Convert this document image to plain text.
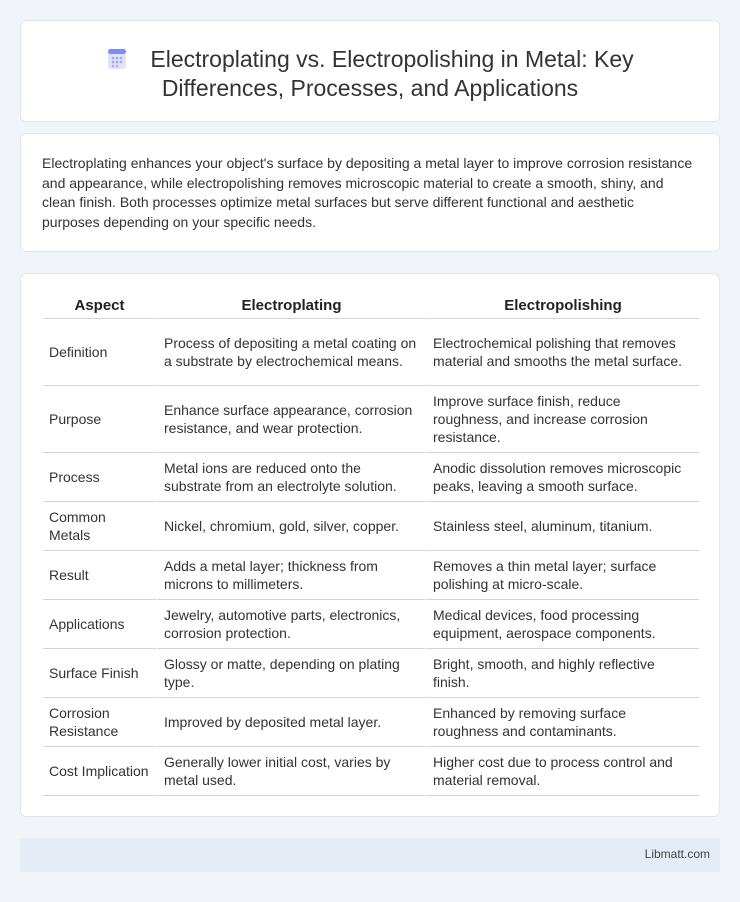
Electroplating vs. Electropolishing in Metal: Key
Differences, Processes, and Applications

Electroplating enhances your object's surface by depositing a metal layer to improve corrosion resistance and appearance, while electropolishing removes microscopic material to create a smooth, shiny, and clean finish. Both processes optimize metal surfaces but serve different functional and aesthetic purposes depending on your specific needs.

Aspect	Electroplating	Electropolishing
Definition	Process of depositing a metal coating on a substrate by electrochemical means.	Electrochemical polishing that removes material and smooths the metal surface.
Purpose	Enhance surface appearance, corrosion resistance, and wear protection.	Improve surface finish, reduce roughness, and increase corrosion resistance.
Process	Metal ions are reduced onto the substrate from an electrolyte solution.	Anodic dissolution removes microscopic peaks, leaving a smooth surface.
Common Metals	Nickel, chromium, gold, silver, copper.	Stainless steel, aluminum, titanium.
Result	Adds a metal layer; thickness from microns to millimeters.	Removes a thin metal layer; surface polishing at micro-scale.
Applications	Jewelry, automotive parts, electronics, corrosion protection.	Medical devices, food processing equipment, aerospace components.
Surface Finish	Glossy or matte, depending on plating type.	Bright, smooth, and highly reflective finish.
Corrosion Resistance	Improved by deposited metal layer.	Enhanced by removing surface roughness and contaminants.
Cost Implication	Generally lower initial cost, varies by metal used.	Higher cost due to process control and material removal.
Libmatt.com
